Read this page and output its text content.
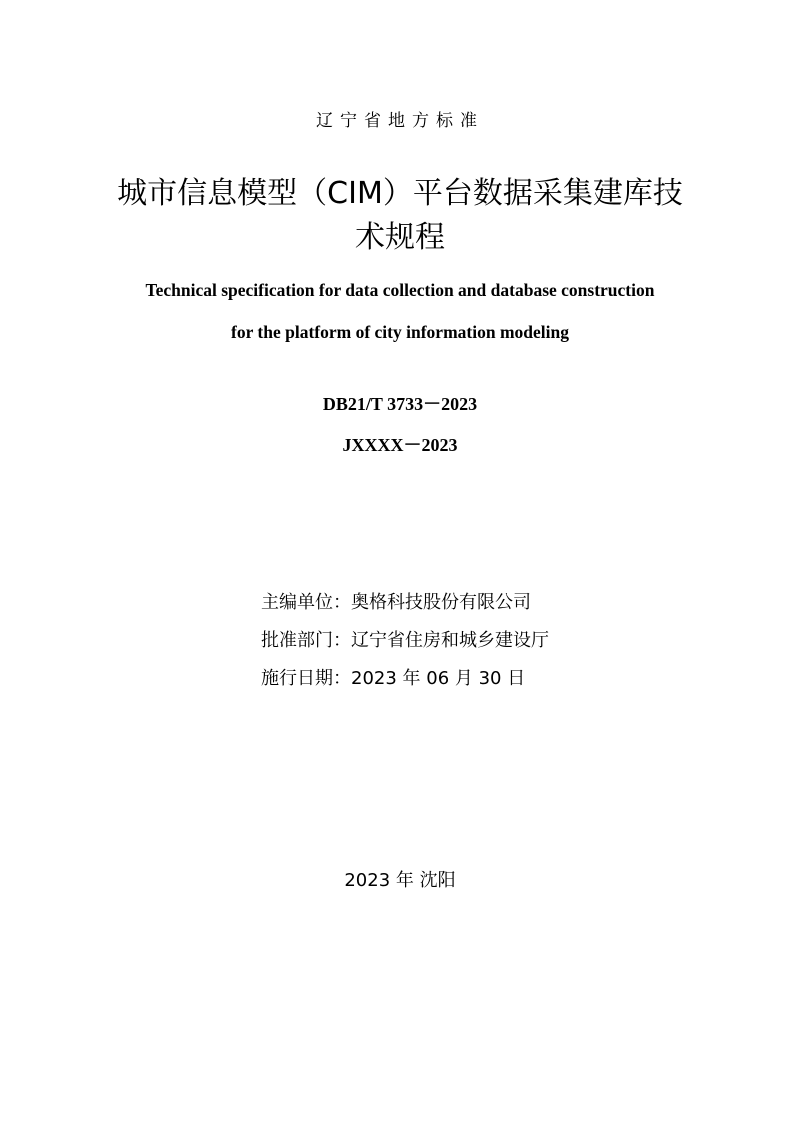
辽宁省地方标准
城市信息模型（CIM）平台数据采集建库技
术规程
Technical specification for data collection and database construction
for the platform of city information modeling
DB21/T 3733－2023
JXXXX－2023
主编单位：奥格科技股份有限公司
批准部门：辽宁省住房和城乡建设厅
施行日期：2023 年 06 月 30 日
2023 年 沈阳
